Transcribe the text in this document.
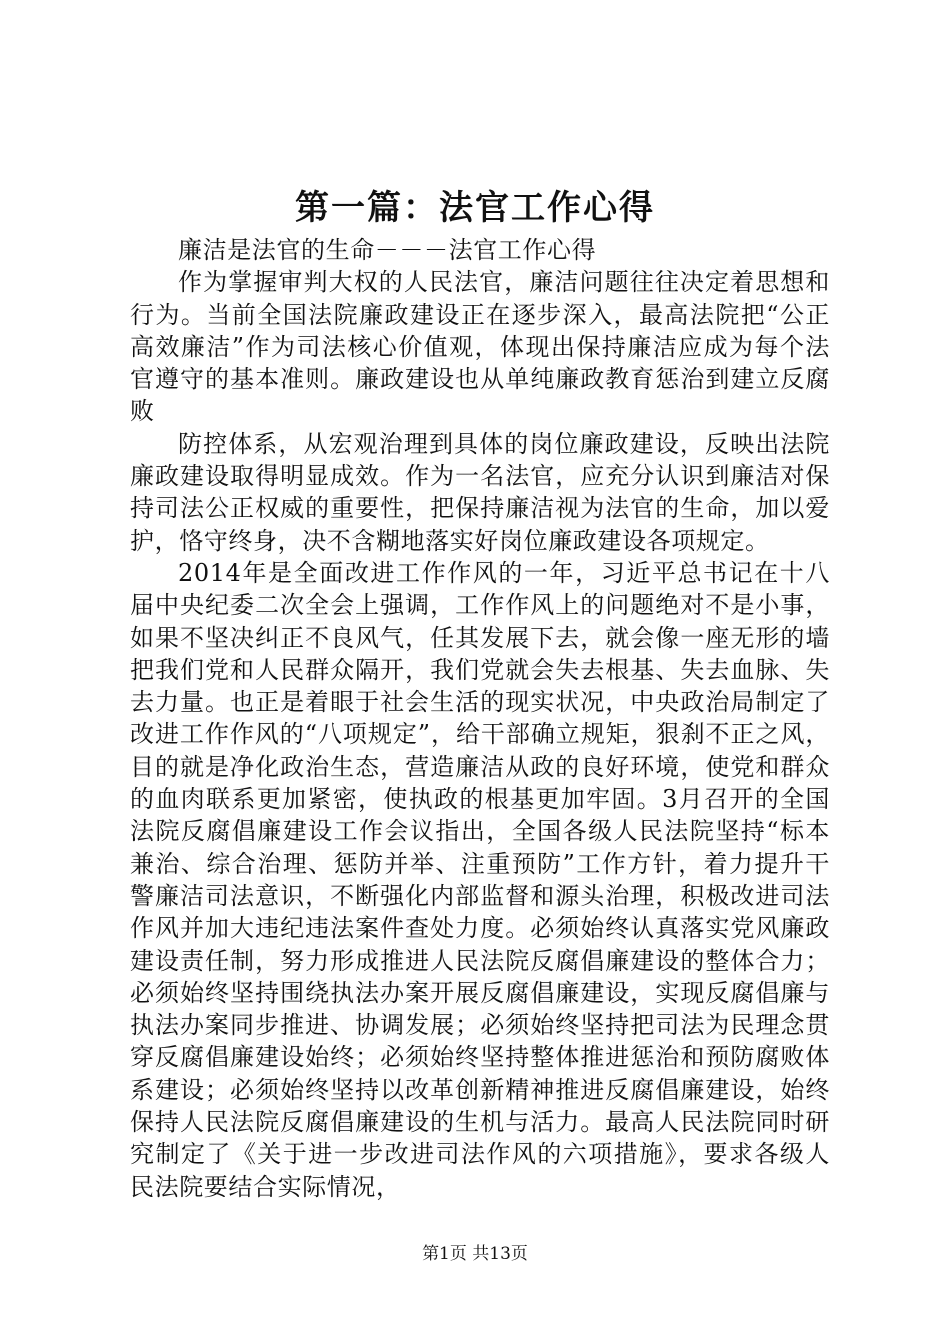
第一篇：法官工作心得

廉洁是法官的生命－－－法官工作心得

作为掌握审判大权的人民法官，廉洁问题往往决定着思想和行为。当前全国法院廉政建设正在逐步深入，最高法院把“公正高效廉洁”作为司法核心价值观，体现出保持廉洁应成为每个法官遵守的基本准则。廉政建设也从单纯廉政教育惩治到建立反腐败

防控体系，从宏观治理到具体的岗位廉政建设，反映出法院廉政建设取得明显成效。作为一名法官，应充分认识到廉洁对保持司法公正权威的重要性，把保持廉洁视为法官的生命，加以爱护，恪守终身，决不含糊地落实好岗位廉政建设各项规定。

2014年是全面改进工作作风的一年，习近平总书记在十八届中央纪委二次全会上强调，工作作风上的问题绝对不是小事，如果不坚决纠正不良风气，任其发展下去，就会像一座无形的墙把我们党和人民群众隔开，我们党就会失去根基、失去血脉、失去力量。也正是着眼于社会生活的现实状况，中央政治局制定了改进工作作风的“八项规定”，给干部确立规矩，狠刹不正之风，目的就是净化政治生态，营造廉洁从政的良好环境，使党和群众的血肉联系更加紧密，使执政的根基更加牢固。3月召开的全国法院反腐倡廉建设工作会议指出，全国各级人民法院坚持“标本兼治、综合治理、惩防并举、注重预防”工作方针，着力提升干警廉洁司法意识，不断强化内部监督和源头治理，积极改进司法作风并加大违纪违法案件查处力度。必须始终认真落实党风廉政建设责任制，努力形成推进人民法院反腐倡廉建设的整体合力；必须始终坚持围绕执法办案开展反腐倡廉建设，实现反腐倡廉与执法办案同步推进、协调发展；必须始终坚持把司法为民理念贯穿反腐倡廉建设始终；必须始终坚持整体推进惩治和预防腐败体系建设；必须始终坚持以改革创新精神推进反腐倡廉建设，始终保持人民法院反腐倡廉建设的生机与活力。最高人民法院同时研究制定了《关于进一步改进司法作风的六项措施》，要求各级人民法院要结合实际情况，

第1页 共13页
